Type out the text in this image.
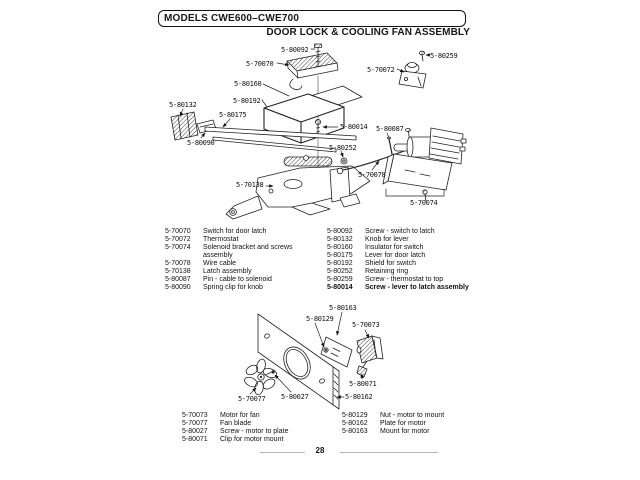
MODELS CWE600–CWE700
DOOR LOCK & COOLING FAN ASSEMBLY
5-80092
5-70070
5-70072
5-80259
5-80160
5-80192
5-80132
5-80175
5-80090
5-80014 5-80087
5-80252
5-70138
5-70078
5-70074
5-80163
5-80129
5-70073
5-70077 5-80027
5-80071
5-80162
5-70070	Switch for door latch
5-70072	Thermostat
5-70074	Solenoid bracket and screws assembly
5-70078	Wire cable
5-70138	Latch assembly
5-80087	Pin - cable to solenoid
5-80090	Spring clip for knob
5-80092	Screw - switch to latch
5-80132	Knob for lever
5-80160	Insulator for switch
5-80175	Lever for door latch
5-80192	Shield for switch
5-80252	Retaining ring
5-80259	Screw - thermostat to top
5-80014	Screw - lever to latch assembly
5-70073	Motor for fan
5-70077	Fan blade
5-80027	Screw - motor to plate
5-80071	Clip for motor mount
5-80129	Nut - motor to mount
5-80162	Plate for motor
5-80163	Mount for motor
28
